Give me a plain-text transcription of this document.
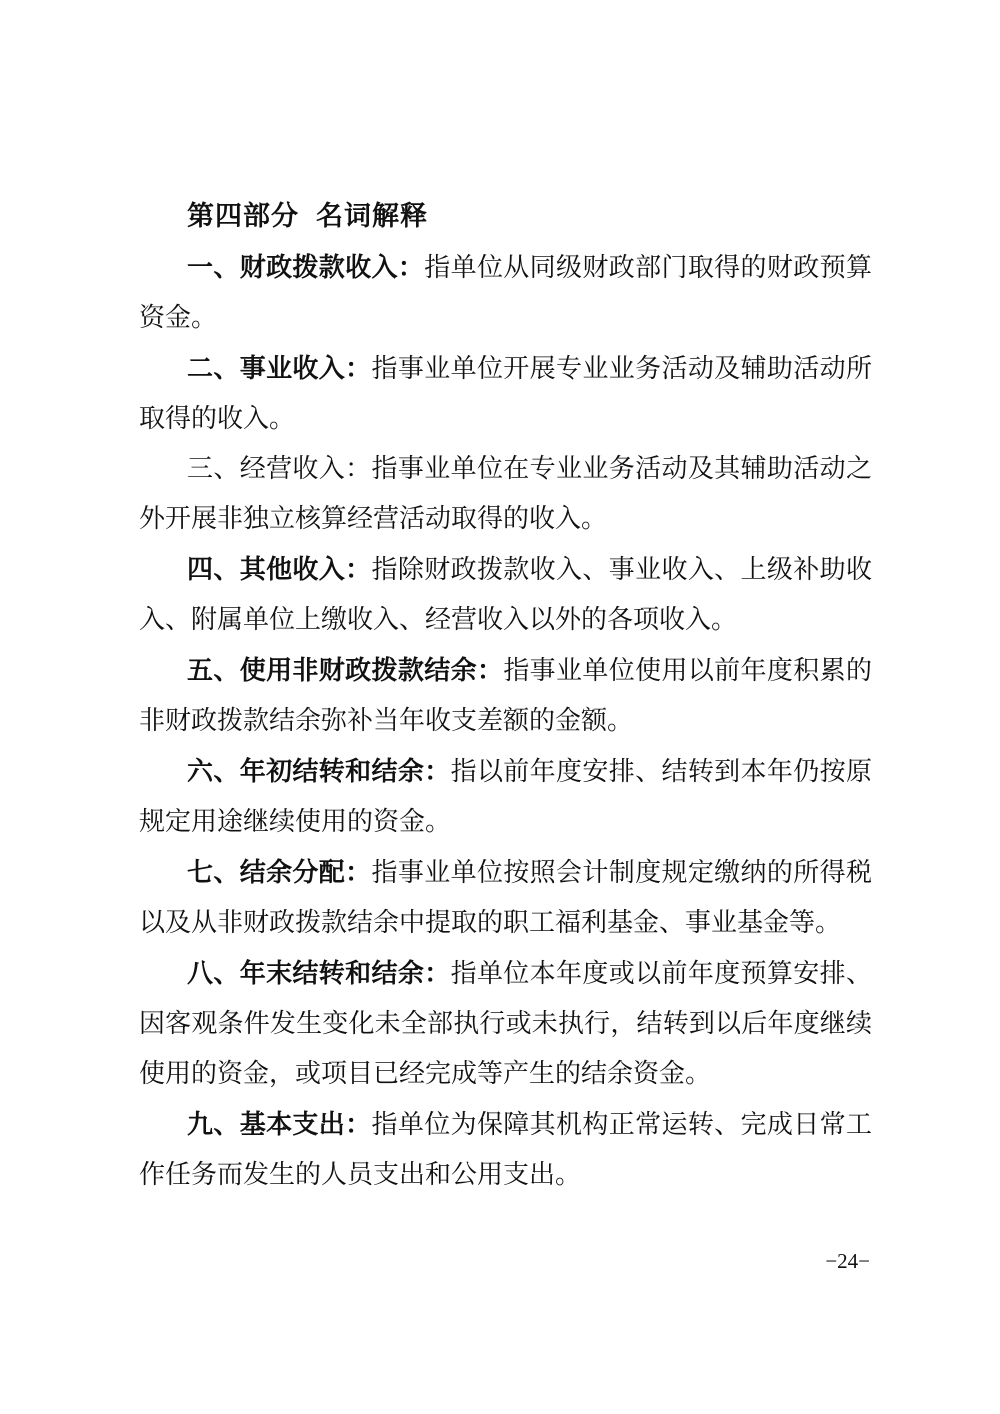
第四部分  名词解释

一、财政拨款收入：指单位从同级财政部门取得的财政预算资金。

二、事业收入：指事业单位开展专业业务活动及辅助活动所取得的收入。

三、经营收入：指事业单位在专业业务活动及其辅助活动之外开展非独立核算经营活动取得的收入。

四、其他收入：指除财政拨款收入、事业收入、上级补助收入、附属单位上缴收入、经营收入以外的各项收入。

五、使用非财政拨款结余：指事业单位使用以前年度积累的非财政拨款结余弥补当年收支差额的金额。

六、年初结转和结余：指以前年度安排、结转到本年仍按原规定用途继续使用的资金。

七、结余分配：指事业单位按照会计制度规定缴纳的所得税以及从非财政拨款结余中提取的职工福利基金、事业基金等。

八、年末结转和结余：指单位本年度或以前年度预算安排、因客观条件发生变化未全部执行或未执行，结转到以后年度继续使用的资金，或项目已经完成等产生的结余资金。

九、基本支出：指单位为保障其机构正常运转、完成日常工作任务而发生的人员支出和公用支出。

−24−
